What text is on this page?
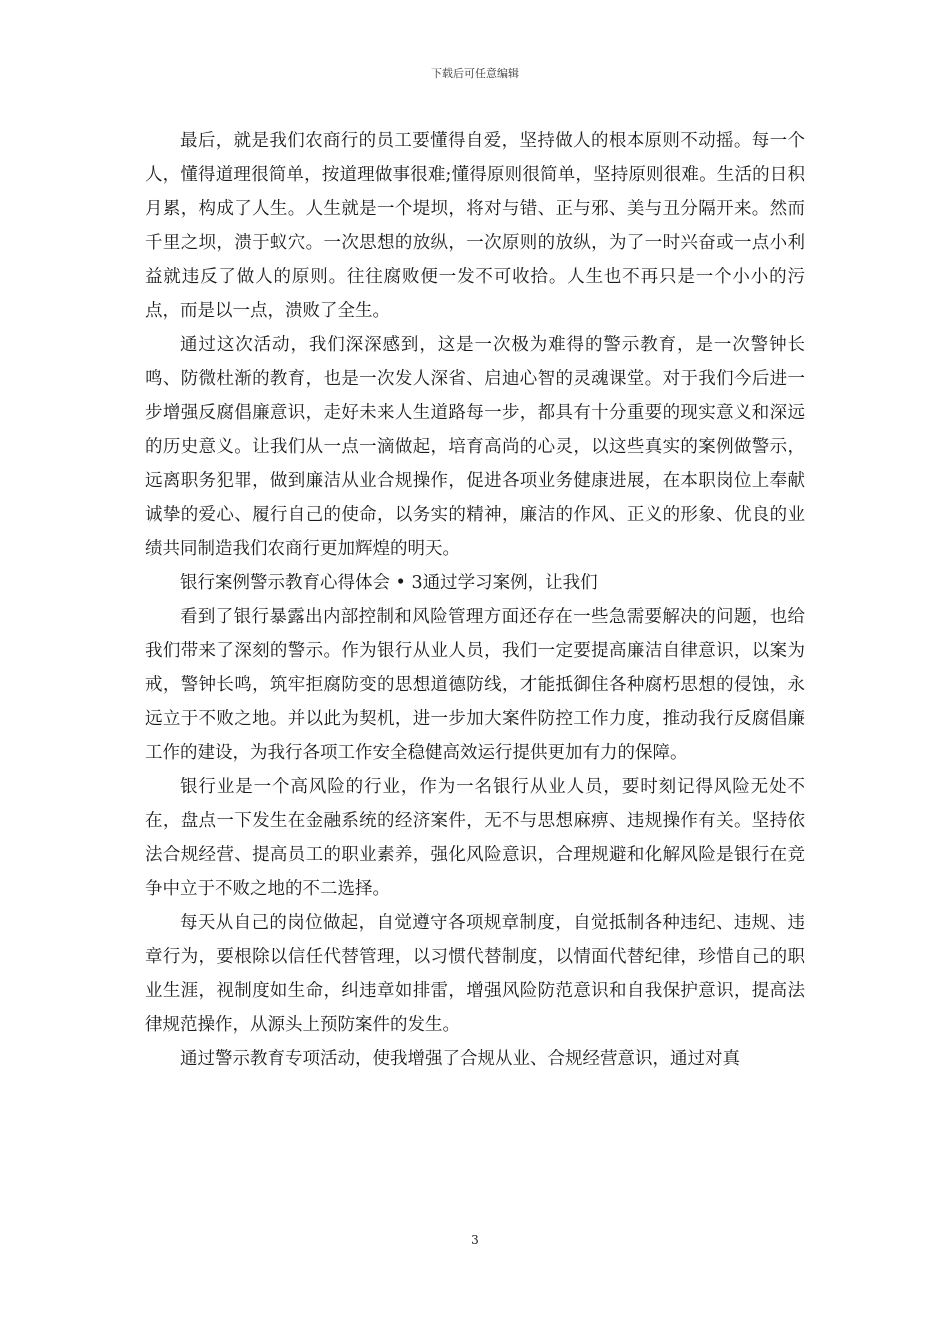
下载后可任意编辑

最后，就是我们农商行的员工要懂得自爱，坚持做人的根本原则不动摇。每一个人，懂得道理很简单，按道理做事很难;懂得原则很简单，坚持原则很难。生活的日积月累，构成了人生。人生就是一个堤坝，将对与错、正与邪、美与丑分隔开来。然而千里之坝，溃于蚁穴。一次思想的放纵，一次原则的放纵，为了一时兴奋或一点小利益就违反了做人的原则。往往腐败便一发不可收拾。人生也不再只是一个小小的污点，而是以一点，溃败了全生。

通过这次活动，我们深深感到，这是一次极为难得的警示教育，是一次警钟长鸣、防微杜渐的教育，也是一次发人深省、启迪心智的灵魂课堂。对于我们今后进一步增强反腐倡廉意识，走好未来人生道路每一步，都具有十分重要的现实意义和深远的历史意义。让我们从一点一滴做起，培育高尚的心灵，以这些真实的案例做警示，远离职务犯罪，做到廉洁从业合规操作，促进各项业务健康进展，在本职岗位上奉献诚挚的爱心、履行自己的使命，以务实的精神，廉洁的作风、正义的形象、优良的业绩共同制造我们农商行更加辉煌的明天。

银行案例警示教育心得体会 • 3通过学习案例，让我们

看到了银行暴露出内部控制和风险管理方面还存在一些急需要解决的问题，也给我们带来了深刻的警示。作为银行从业人员，我们一定要提高廉洁自律意识，以案为戒，警钟长鸣，筑牢拒腐防变的思想道德防线，才能抵御住各种腐朽思想的侵蚀，永远立于不败之地。并以此为契机，进一步加大案件防控工作力度，推动我行反腐倡廉工作的建设，为我行各项工作安全稳健高效运行提供更加有力的保障。

银行业是一个高风险的行业，作为一名银行从业人员，要时刻记得风险无处不在，盘点一下发生在金融系统的经济案件，无不与思想麻痹、违规操作有关。坚持依法合规经营、提高员工的职业素养，强化风险意识，合理规避和化解风险是银行在竞争中立于不败之地的不二选择。

每天从自己的岗位做起，自觉遵守各项规章制度，自觉抵制各种违纪、违规、违章行为，要根除以信任代替管理，以习惯代替制度，以情面代替纪律，珍惜自己的职业生涯，视制度如生命，纠违章如排雷，增强风险防范意识和自我保护意识，提高法律规范操作，从源头上预防案件的发生。

通过警示教育专项活动，使我增强了合规从业、合规经营意识，通过对真

3
